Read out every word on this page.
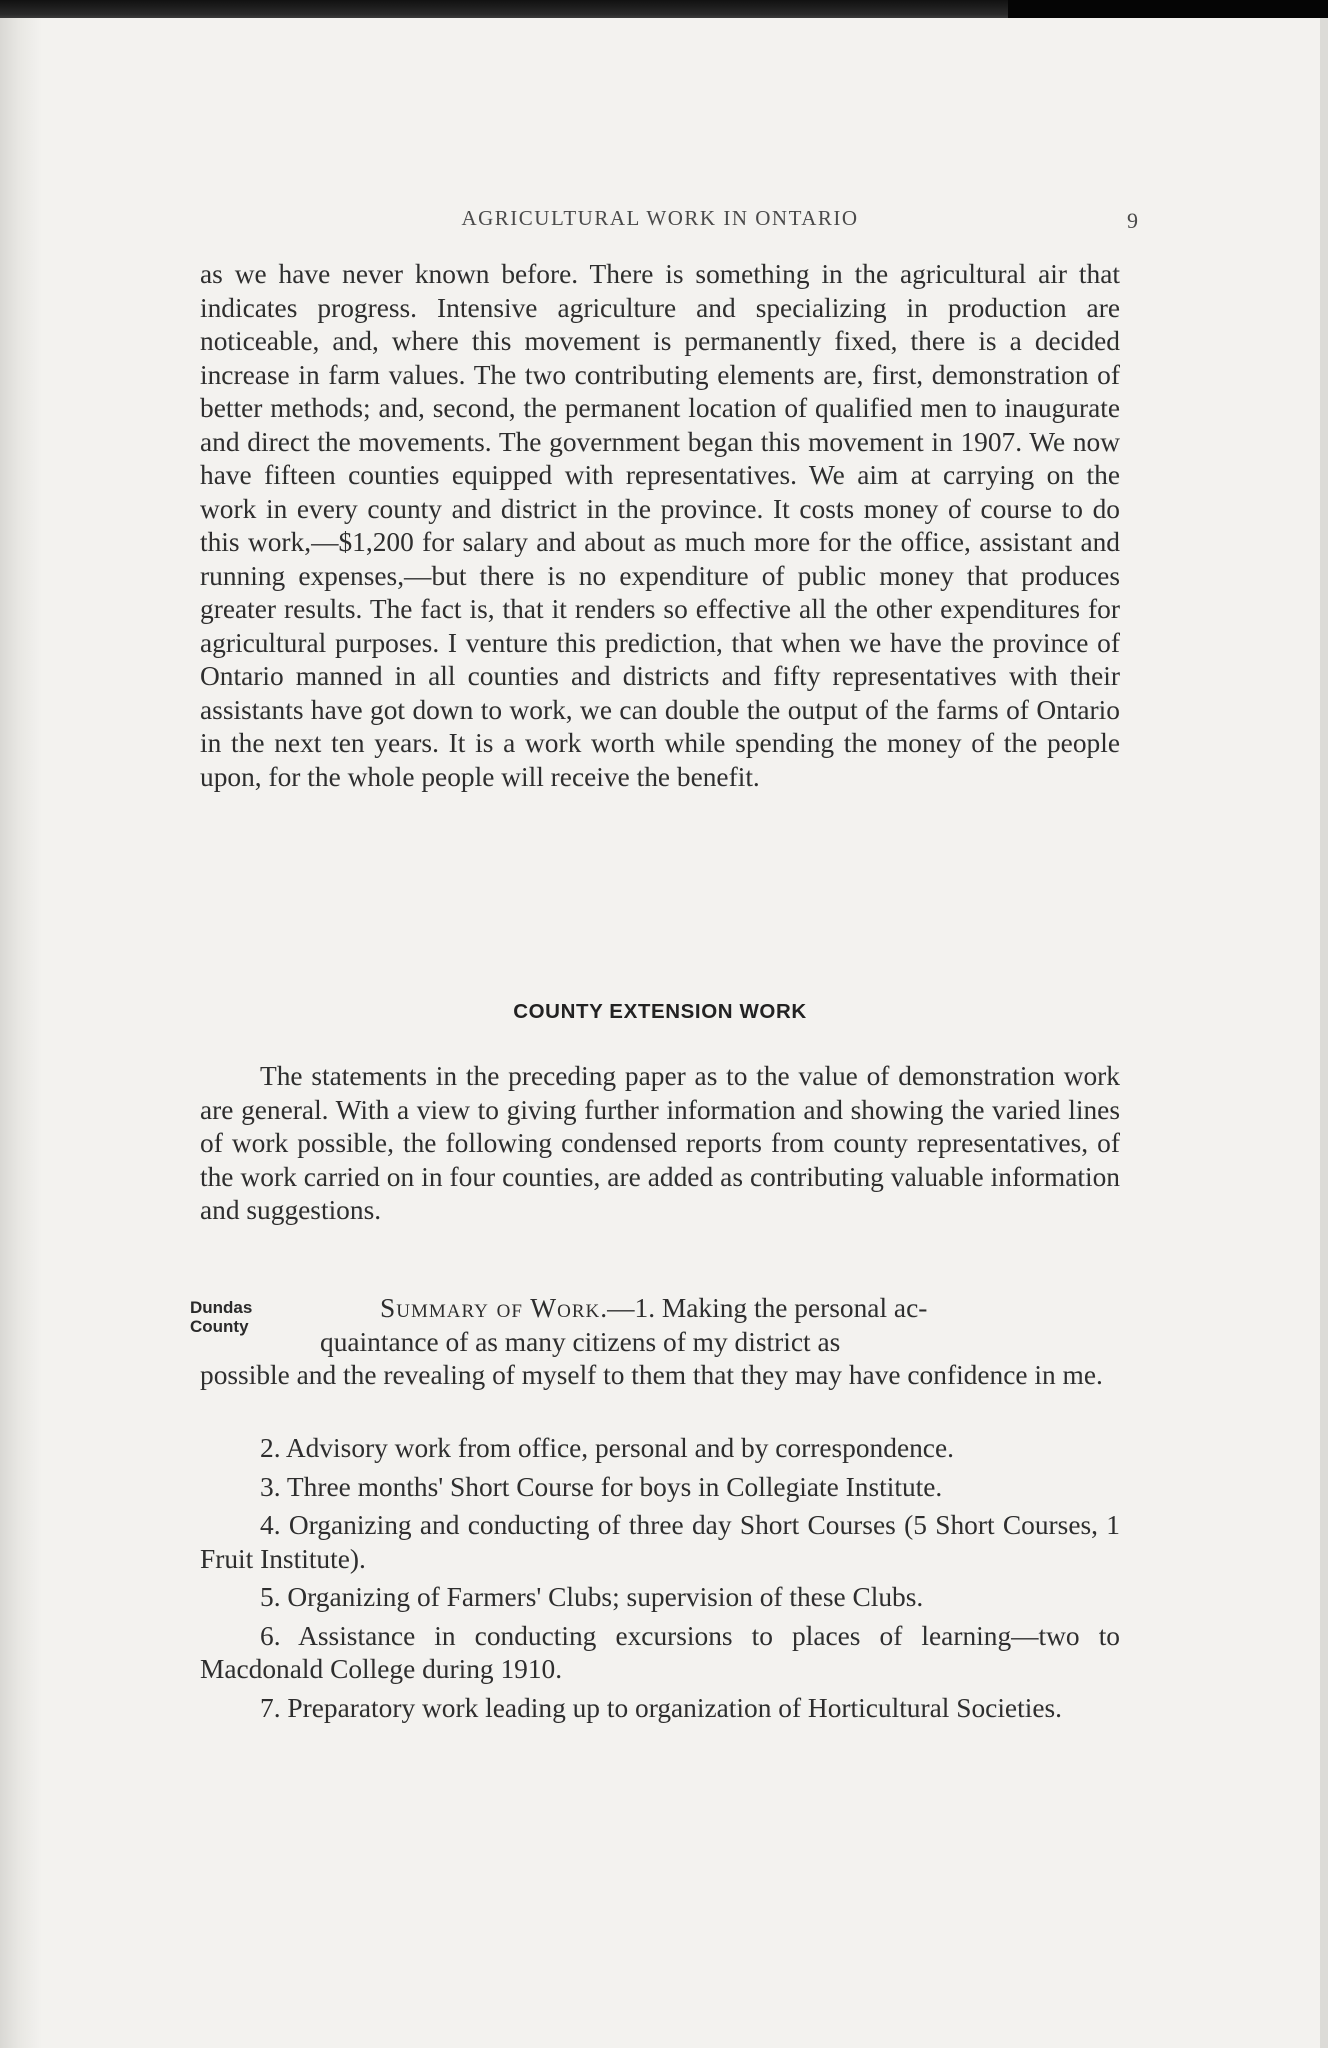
AGRICULTURAL WORK IN ONTARIO	9
as we have never known before. There is something in the agricultural air that indicates progress. Intensive agriculture and specializing in production are noticeable, and, where this movement is permanently fixed, there is a decided increase in farm values. The two contributing elements are, first, demonstration of better methods; and, second, the permanent location of qualified men to inaugurate and direct the movements. The government began this movement in 1907. We now have fifteen counties equipped with representatives. We aim at carrying on the work in every county and district in the province. It costs money of course to do this work,—$1,200 for salary and about as much more for the office, assistant and running expenses,—but there is no expenditure of public money that produces greater results. The fact is, that it renders so effective all the other expenditures for agricultural purposes. I venture this prediction, that when we have the province of Ontario manned in all counties and districts and fifty representatives with their assistants have got down to work, we can double the output of the farms of Ontario in the next ten years. It is a work worth while spending the money of the people upon, for the whole people will receive the benefit.
COUNTY EXTENSION WORK
The statements in the preceding paper as to the value of demonstration work are general. With a view to giving further information and showing the varied lines of work possible, the following condensed reports from county representatives, of the work carried on in four counties, are added as contributing valuable information and suggestions.
Dundas
County
Summary of Work.—1. Making the personal ac-
quaintance of as many citizens of my district as
possible and the revealing of myself to them that they may have confidence in me.
2. Advisory work from office, personal and by correspondence.
3. Three months' Short Course for boys in Collegiate Institute.
4. Organizing and conducting of three day Short Courses (5 Short Courses, 1 Fruit Institute).
5. Organizing of Farmers' Clubs; supervision of these Clubs.
6. Assistance in conducting excursions to places of learning—two to Macdonald College during 1910.
7. Preparatory work leading up to organization of Horticultural Societies.
